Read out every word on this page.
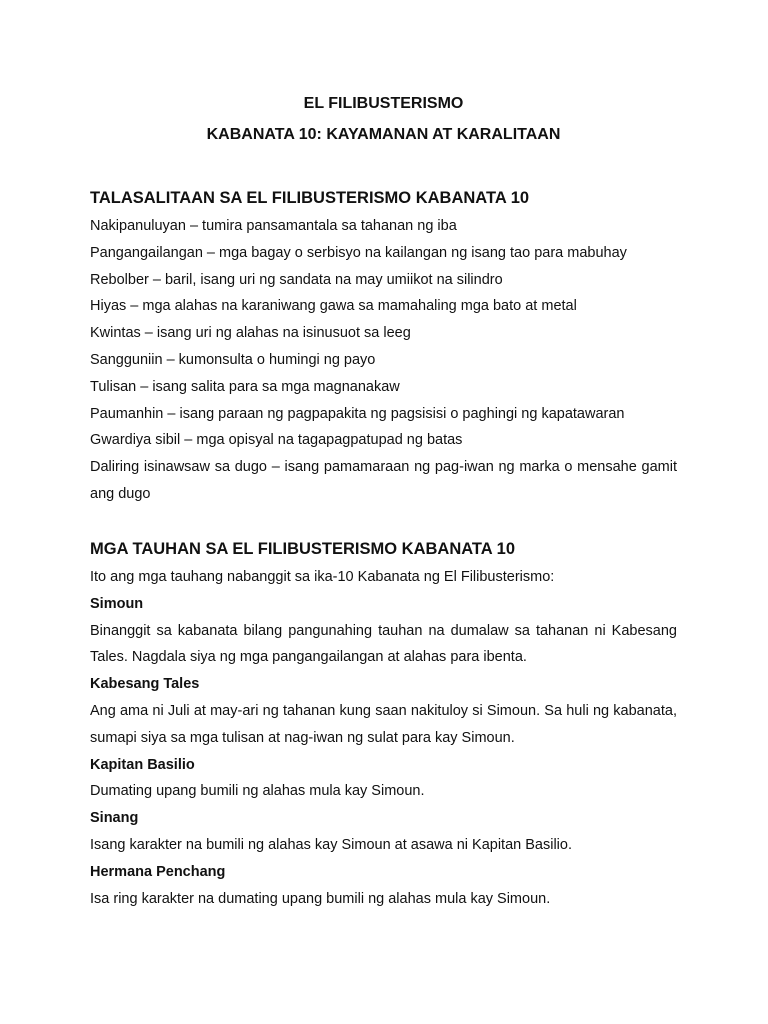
EL FILIBUSTERISMO
KABANATA 10: KAYAMANAN AT KARALITAAN
TALASALITAAN SA EL FILIBUSTERISMO KABANATA 10

Nakipanuluyan – tumira pansamantala sa tahanan ng iba

Pangangailangan – mga bagay o serbisyo na kailangan ng isang tao para mabuhay

Rebolber – baril, isang uri ng sandata na may umiikot na silindro

Hiyas – mga alahas na karaniwang gawa sa mamahaling mga bato at metal

Kwintas – isang uri ng alahas na isinusuot sa leeg

Sangguniin – kumonsulta o humingi ng payo

Tulisan – isang salita para sa mga magnanakaw

Paumanhin – isang paraan ng pagpapakita ng pagsisisi o paghingi ng kapatawaran

Gwardiya sibil – mga opisyal na tagapagpatupad ng batas

Daliring isinawsaw sa dugo – isang pamamaraan ng pag-iwan ng marka o mensahe gamit ang dugo

MGA TAUHAN SA EL FILIBUSTERISMO KABANATA 10

Ito ang mga tauhang nabanggit sa ika-10 Kabanata ng El Filibusterismo:

Simoun

Binanggit sa kabanata bilang pangunahing tauhan na dumalaw sa tahanan ni Kabesang Tales. Nagdala siya ng mga pangangailangan at alahas para ibenta.

Kabesang Tales

Ang ama ni Juli at may-ari ng tahanan kung saan nakituloy si Simoun. Sa huli ng kabanata, sumapi siya sa mga tulisan at nag-iwan ng sulat para kay Simoun.

Kapitan Basilio

Dumating upang bumili ng alahas mula kay Simoun.

Sinang

Isang karakter na bumili ng alahas kay Simoun at asawa ni Kapitan Basilio.

Hermana Penchang

Isa ring karakter na dumating upang bumili ng alahas mula kay Simoun.
